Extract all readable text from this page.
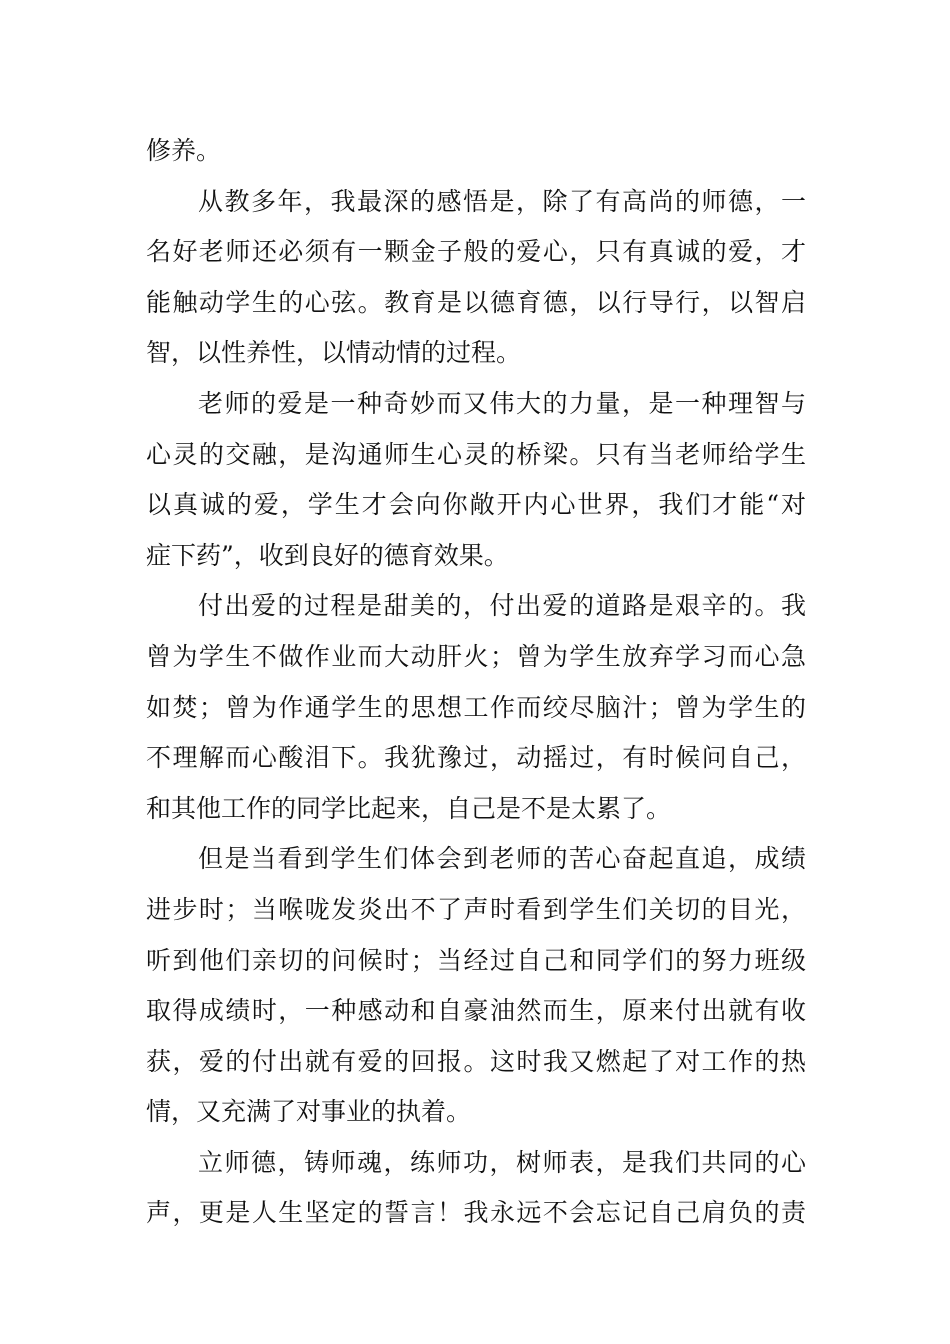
修养。
从教多年，我最深的感悟是，除了有高尚的师德，一
名好老师还必须有一颗金子般的爱心，只有真诚的爱，才
能触动学生的心弦。教育是以德育德，以行导行，以智启
智，以性养性，以情动情的过程。
老师的爱是一种奇妙而又伟大的力量，是一种理智与
心灵的交融，是沟通师生心灵的桥梁。只有当老师给学生
以真诚的爱，学生才会向你敞开内心世界，我们才能“对
症下药”，收到良好的德育效果。
付出爱的过程是甜美的，付出爱的道路是艰辛的。我
曾为学生不做作业而大动肝火；曾为学生放弃学习而心急
如焚；曾为作通学生的思想工作而绞尽脑汁；曾为学生的
不理解而心酸泪下。我犹豫过，动摇过，有时候问自己，
和其他工作的同学比起来，自己是不是太累了。
但是当看到学生们体会到老师的苦心奋起直追，成绩
进步时；当喉咙发炎出不了声时看到学生们关切的目光，
听到他们亲切的问候时；当经过自己和同学们的努力班级
取得成绩时，一种感动和自豪油然而生，原来付出就有收
获，爱的付出就有爱的回报。这时我又燃起了对工作的热
情，又充满了对事业的执着。
立师德，铸师魂，练师功，树师表，是我们共同的心
声，更是人生坚定的誓言！我永远不会忘记自己肩负的责
